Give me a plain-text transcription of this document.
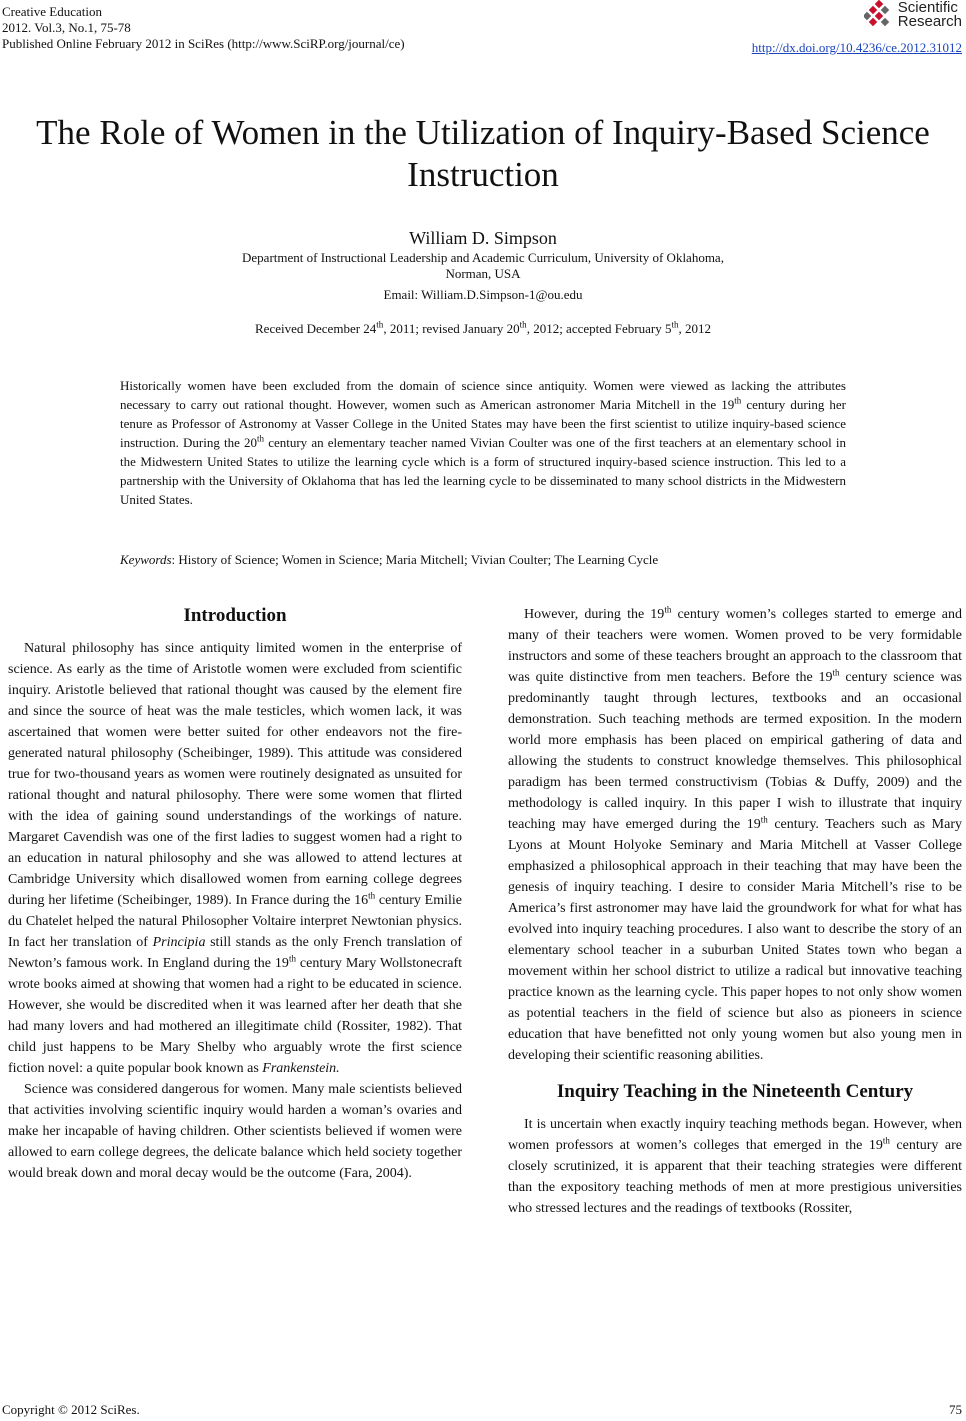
Creative Education
2012. Vol.3, No.1, 75-78
Published Online February 2012 in SciRes (http://www.SciRP.org/journal/ce)
Scientific
Research
http://dx.doi.org/10.4236/ce.2012.31012
The Role of Women in the Utilization of Inquiry-Based Science Instruction
William D. Simpson
Department of Instructional Leadership and Academic Curriculum, University of Oklahoma,
Norman, USA
Email: William.D.Simpson-1@ou.edu
Received December 24th, 2011; revised January 20th, 2012; accepted February 5th, 2012

Historically women have been excluded from the domain of science since antiquity. Women were viewed as lacking the attributes necessary to carry out rational thought. However, women such as American astronomer Maria Mitchell in the 19th century during her tenure as Professor of Astronomy at Vasser College in the United States may have been the first scientist to utilize inquiry-based science instruction. During the 20th century an elementary teacher named Vivian Coulter was one of the first teachers at an elementary school in the Midwestern United States to utilize the learning cycle which is a form of structured inquiry-based science instruction. This led to a partnership with the University of Oklahoma that has led the learning cycle to be disseminated to many school districts in the Midwestern United States.

Keywords: History of Science; Women in Science; Maria Mitchell; Vivian Coulter; The Learning Cycle
Introduction

Natural philosophy has since antiquity limited women in the enterprise of science. As early as the time of Aristotle women were excluded from scientific inquiry. Aristotle believed that rational thought was caused by the element fire and since the source of heat was the male testicles, which women lack, it was ascertained that women were better suited for other endeavors not the fire-generated natural philosophy (Scheibinger, 1989). This attitude was considered true for two-thousand years as women were routinely designated as unsuited for rational thought and natural philosophy. There were some women that flirted with the idea of gaining sound understandings of the workings of nature. Margaret Cavendish was one of the first ladies to suggest women had a right to an education in natural philosophy and she was allowed to attend lectures at Cambridge University which disallowed women from earning college degrees during her lifetime (Scheibinger, 1989). In France during the 16th century Emilie du Chatelet helped the natural Philosopher Voltaire interpret Newtonian physics. In fact her translation of Principia still stands as the only French translation of Newton’s famous work. In England during the 19th century Mary Wollstonecraft wrote books aimed at showing that women had a right to be educated in science. However, she would be discredited when it was learned after her death that she had many lovers and had mothered an illegitimate child (Rossiter, 1982). That child just happens to be Mary Shelby who arguably wrote the first science fiction novel: a quite popular book known as Frankenstein.

Science was considered dangerous for women. Many male scientists believed that activities involving scientific inquiry would harden a woman’s ovaries and make her incapable of having children. Other scientists believed if women were allowed to earn college degrees, the delicate balance which held society together would break down and moral decay would be the outcome (Fara, 2004).

However, during the 19th century women’s colleges started to emerge and many of their teachers were women. Women proved to be very formidable instructors and some of these teachers brought an approach to the classroom that was quite distinctive from men teachers. Before the 19th century science was predominantly taught through lectures, textbooks and an occasional demonstration. Such teaching methods are termed exposition. In the modern world more emphasis has been placed on empirical gathering of data and allowing the students to construct knowledge themselves. This philosophical paradigm has been termed constructivism (Tobias & Duffy, 2009) and the methodology is called inquiry. In this paper I wish to illustrate that inquiry teaching may have emerged during the 19th century. Teachers such as Mary Lyons at Mount Holyoke Seminary and Maria Mitchell at Vasser College emphasized a philosophical approach in their teaching that may have been the genesis of inquiry teaching. I desire to consider Maria Mitchell’s rise to be America’s first astronomer may have laid the groundwork for what for what has evolved into inquiry teaching procedures. I also want to describe the story of an elementary school teacher in a suburban United States town who began a movement within her school district to utilize a radical but innovative teaching practice known as the learning cycle. This paper hopes to not only show women as potential teachers in the field of science but also as pioneers in science education that have benefitted not only young women but also young men in developing their scientific reasoning abilities.

Inquiry Teaching in the Nineteenth Century

It is uncertain when exactly inquiry teaching methods began. However, when women professors at women’s colleges that emerged in the 19th century are closely scrutinized, it is apparent that their teaching strategies were different than the expository teaching methods of men at more prestigious universities who stressed lectures and the readings of textbooks (Rossiter,

Copyright © 2012 SciRes.	75
